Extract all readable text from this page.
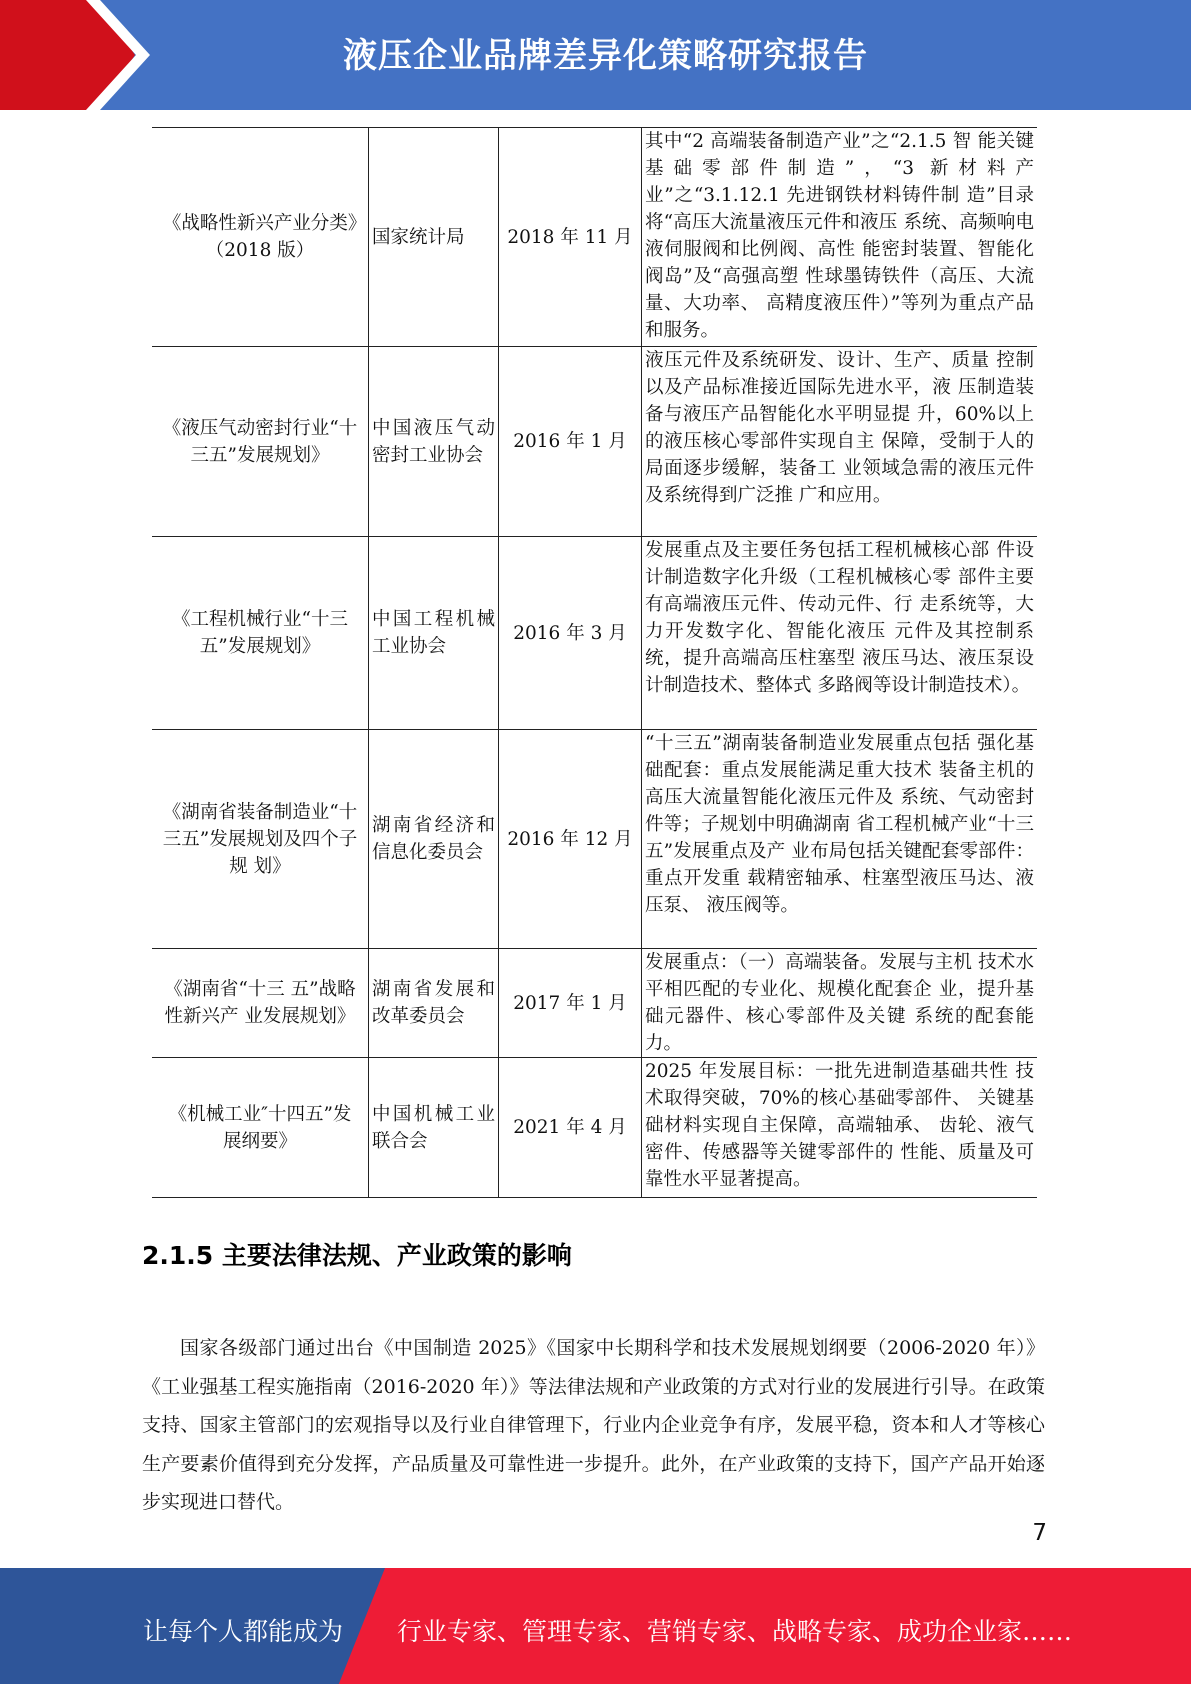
液压企业品牌差异化策略研究报告
《战略性新兴产业分类》（2018 版）	国家统计局	2018 年 11 月	其中“2 高端装备制造产业”之“2.1.5 智 能关键基础零部件制造”，“3 新材料产 业”之“3.1.12.1 先进钢铁材料铸件制 造”目录将“高压大流量液压元件和液压 系统、高频响电液伺服阀和比例阀、高性 能密封装置、智能化阀岛”及“高强高塑 性球墨铸铁件（高压、大流量、大功率、 高精度液压件）”等列为重点产品和服务。
《液压气动密封行业“十三五”发展规划》	中国液压气动密封工业协会	2016 年 1 月	液压元件及系统研发、设计、生产、质量 控制以及产品标准接近国际先进水平，液 压制造装备与液压产品智能化水平明显提 升，60%以上的液压核心零部件实现自主 保障，受制于人的局面逐步缓解，装备工 业领域急需的液压元件及系统得到广泛推 广和应用。
《工程机械行业“十三五”发展规划》	中国工程机械工业协会	2016 年 3 月	发展重点及主要任务包括工程机械核心部 件设计制造数字化升级（工程机械核心零 部件主要有高端液压元件、传动元件、行 走系统等，大力开发数字化、智能化液压 元件及其控制系统，提升高端高压柱塞型 液压马达、液压泵设计制造技术、整体式 多路阀等设计制造技术）。
《湖南省装备制造业“十三五”发展规划及四个子规 划》	湖南省经济和信息化委员会	2016 年 12 月	“十三五”湖南装备制造业发展重点包括 强化基础配套：重点发展能满足重大技术 装备主机的高压大流量智能化液压元件及 系统、气动密封件等；子规划中明确湖南 省工程机械产业“十三五”发展重点及产 业布局包括关键配套零部件：重点开发重 载精密轴承、柱塞型液压马达、液压泵、 液压阀等。
《湖南省“十三 五”战略性新兴产 业发展规划》	湖南省发展和改革委员会	2017 年 1 月	发展重点：（一）高端装备。发展与主机 技术水平相匹配的专业化、规模化配套企 业，提升基础元器件、核心零部件及关键 系统的配套能力。
《机械工业″十四五”发展纲要》	中国机械工业联合会	2021 年 4 月	2025 年发展目标：一批先进制造基础共性 技术取得突破，70%的核心基础零部件、 关键基础材料实现自主保障，高端轴承、 齿轮、液气密件、传感器等关键零部件的 性能、质量及可靠性水平显著提高。
2.1.5 主要法律法规、产业政策的影响

国家各级部门通过出台《中国制造 2025》《国家中长期科学和技术发展规划纲要（2006-2020 年）》《工业强基工程实施指南（2016-2020 年）》等法律法规和产业政策的方式对行业的发展进行引导。在政策支持、国家主管部门的宏观指导以及行业自律管理下，行业内企业竞争有序，发展平稳，资本和人才等核心生产要素价值得到充分发挥，产品质量及可靠性进一步提升。此外，在产业政策的支持下，国产产品开始逐步实现进口替代。

7
让每个人都能成为 行业专家、管理专家、营销专家、战略专家、成功企业家……
